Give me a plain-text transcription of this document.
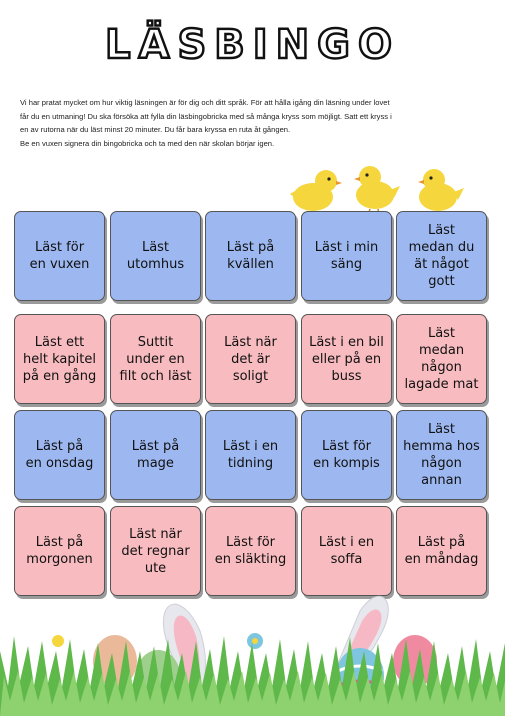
LÄSBINGO

Vi har pratat mycket om hur viktig läsningen är för dig och ditt språk. För att hålla igång din läsning under lovet

får du en utmaning! Du ska försöka att fylla din läsbingobricka med så många kryss som möjligt. Satt ett kryss i

en av rutorna när du läst minst 20 minuter. Du får bara kryssa en ruta åt gången.

Be en vuxen signera din bingobricka och ta med den när skolan börjar igen.

Läst för
en vuxen
Läst
utomhus
Läst på
kvällen
Läst i min
säng
Läst
medan du
ät något
gott
Läst ett
helt kapitel
på en gång
Suttit
under en
filt och läst
Läst när
det är
soligt
Läst i en bil
eller på en
buss
Läst
medan
någon
lagade mat
Läst på
en onsdag
Läst på
mage
Läst i en
tidning
Läst för
en kompis
Läst
hemma hos
någon
annan
Läst på
morgonen
Läst när
det regnar
ute
Läst för
en släkting
Läst i en
soffa
Läst på
en måndag
